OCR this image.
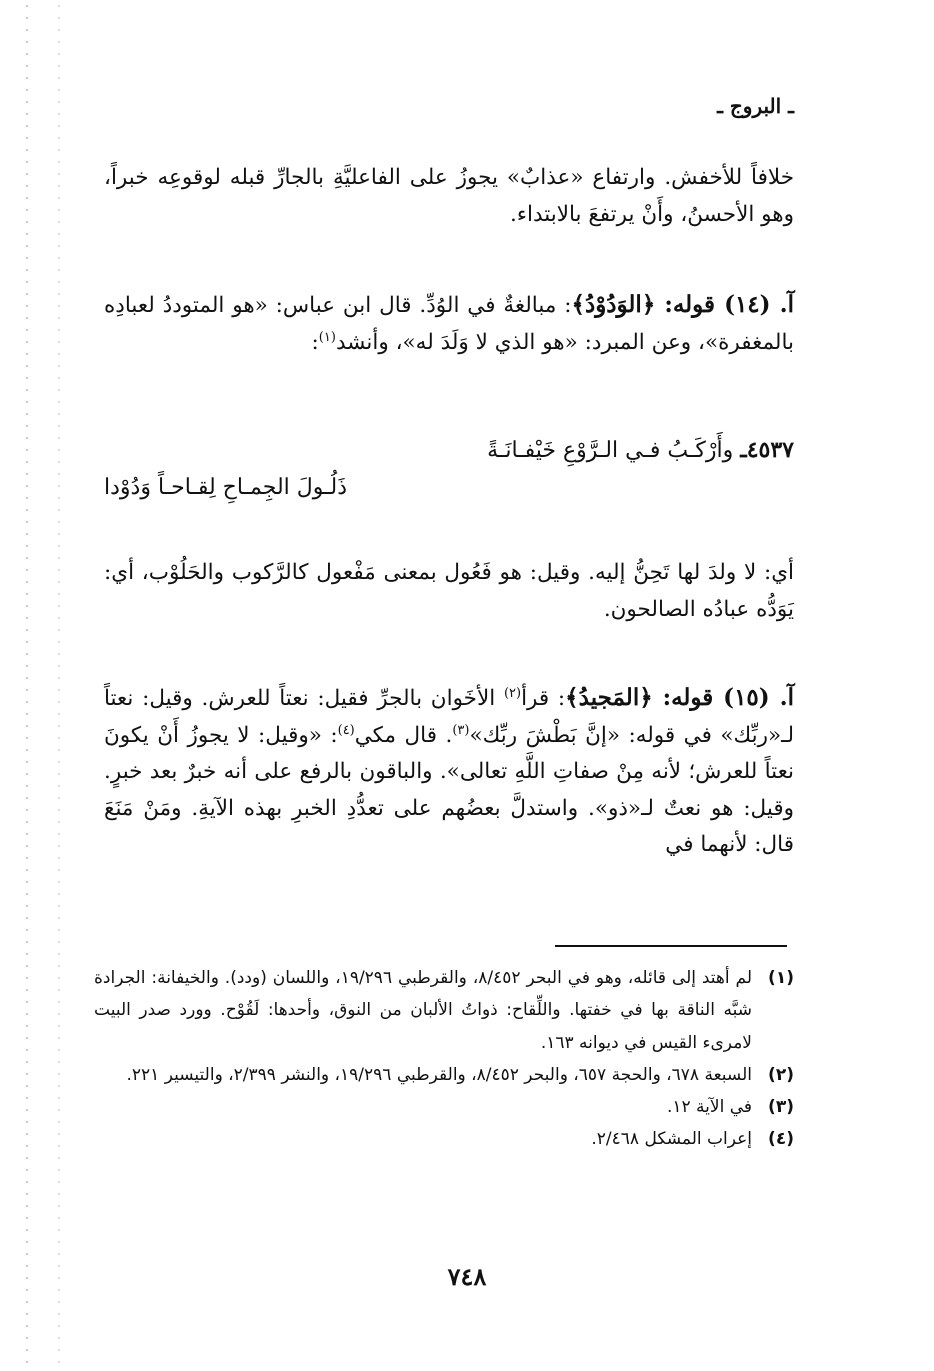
ـ البروج ـ

خلافاً للأخفش. وارتفاع «عذابٌ» يجوزُ على الفاعليَّةِ بالجارِّ قبله لوقوعِه خبراً، وهو الأحسنُ، وأَنْ يرتفعَ بالابتداء.

آ. (١٤) قوله: ﴿الوَدُوْدُ﴾: مبالغةٌ في الوُدِّ. قال ابن عباس: «هو المتوددُ لعبادِه بالمغفرة»، وعن المبرد: «هو الذي لا وَلَدَ له»، وأنشد$^{(١)}$:

٤٥٣٧ـ وأَرْكَـبُ فـي الـرَّوْعِ خَيْفـانَـةً
ذَلُـولَ الجِمـاحِ لِقـاحـاً وَدُوْدا

أي: لا ولدَ لها تَحِنُّ إليه. وقيل: هو فَعُول بمعنى مَفْعول كالرَّكوب والحَلُوْب، أي: يَوَدُّه عبادُه الصالحون.

آ. (١٥) قوله: ﴿المَجيدُ﴾: قرأ$^{(٢)}$ الأخَوان بالجرِّ فقيل: نعتاً للعرش. وقيل: نعتاً لـ«ربِّك» في قوله: «إنَّ بَطْشَ ربِّك»$^{(٣)}$. قال مكي$^{(٤)}$: «وقيل: لا يجوزُ أَنْ يكونَ نعتاً للعرش؛ لأنه مِنْ صفاتِ اللَّهِ تعالى». والباقون بالرفع على أنه خبرٌ بعد خبرٍ. وقيل: هو نعتٌ لـ«ذو». واستدلَّ بعضُهم على تعدُّدِ الخبرِ بهذه الآيةِ. ومَنْ مَنَعَ قال: لأنهما في

(١)
لم أهتد إلى قائله، وهو في البحر ٨/٤٥٢، والقرطبي ١٩/٢٩٦، واللسان (ودد). والخيفانة: الجرادة شبَّه الناقة بها في خفتها. واللِّقاح: ذواتُ الألبان من النوق، وأحدها: لَقُوْح. وورد صدر البيت لامرىء القيس في ديوانه ١٦٣.
(٢)
السبعة ٦٧٨، والحجة ٦٥٧، والبحر ٨/٤٥٢، والقرطبي ١٩/٢٩٦، والنشر ٢/٣٩٩، والتيسير ٢٢١.
(٣)
في الآية ١٢.
(٤)
إعراب المشكل ٢/٤٦٨.
٧٤٨
